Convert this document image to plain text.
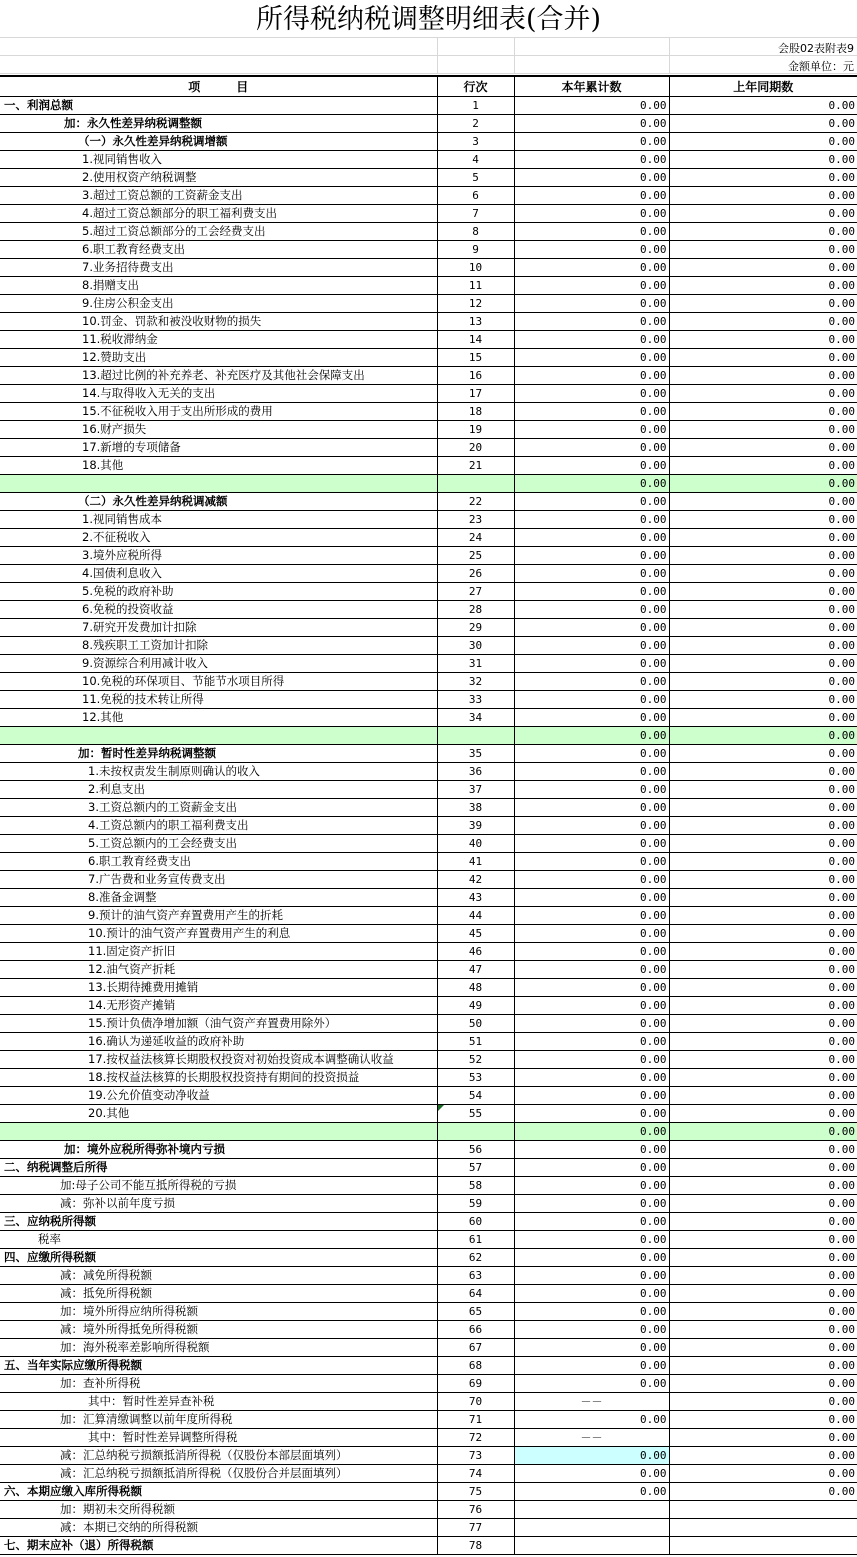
所得税纳税调整明细表(合并)
会股02表附表9
金额单位：元
项　　　目	行次	本年累计数	上年同期数
一、利润总额	1	0.00	0.00
加：永久性差异纳税调整额	2	0.00	0.00
（一）永久性差异纳税调增额	3	0.00	0.00
1.视同销售收入	4	0.00	0.00
2.使用权资产纳税调整	5	0.00	0.00
3.超过工资总额的工资薪金支出	6	0.00	0.00
4.超过工资总额部分的职工福利费支出	7	0.00	0.00
5.超过工资总额部分的工会经费支出	8	0.00	0.00
6.职工教育经费支出	9	0.00	0.00
7.业务招待费支出	10	0.00	0.00
8.捐赠支出	11	0.00	0.00
9.住房公积金支出	12	0.00	0.00
10.罚金、罚款和被没收财物的损失	13	0.00	0.00
11.税收滞纳金	14	0.00	0.00
12.赞助支出	15	0.00	0.00
13.超过比例的补充养老、补充医疗及其他社会保障支出	16	0.00	0.00
14.与取得收入无关的支出	17	0.00	0.00
15.不征税收入用于支出所形成的费用	18	0.00	0.00
16.财产损失	19	0.00	0.00
17.新增的专项储备	20	0.00	0.00
18.其他	21	0.00	0.00
		0.00	0.00
（二）永久性差异纳税调减额	22	0.00	0.00
1.视同销售成本	23	0.00	0.00
2.不征税收入	24	0.00	0.00
3.境外应税所得	25	0.00	0.00
4.国债利息收入	26	0.00	0.00
5.免税的政府补助	27	0.00	0.00
6.免税的投资收益	28	0.00	0.00
7.研究开发费加计扣除	29	0.00	0.00
8.残疾职工工资加计扣除	30	0.00	0.00
9.资源综合利用减计收入	31	0.00	0.00
10.免税的环保项目、节能节水项目所得	32	0.00	0.00
11.免税的技术转让所得	33	0.00	0.00
12.其他	34	0.00	0.00
		0.00	0.00
加：暂时性差异纳税调整额	35	0.00	0.00
1.未按权责发生制原则确认的收入	36	0.00	0.00
2.利息支出	37	0.00	0.00
3.工资总额内的工资薪金支出	38	0.00	0.00
4.工资总额内的职工福利费支出	39	0.00	0.00
5.工资总额内的工会经费支出	40	0.00	0.00
6.职工教育经费支出	41	0.00	0.00
7.广告费和业务宣传费支出	42	0.00	0.00
8.准备金调整	43	0.00	0.00
9.预计的油气资产弃置费用产生的折耗	44	0.00	0.00
10.预计的油气资产弃置费用产生的利息	45	0.00	0.00
11.固定资产折旧	46	0.00	0.00
12.油气资产折耗	47	0.00	0.00
13.长期待摊费用摊销	48	0.00	0.00
14.无形资产摊销	49	0.00	0.00
15.预计负债净增加额（油气资产弃置费用除外）	50	0.00	0.00
16.确认为递延收益的政府补助	51	0.00	0.00
17.按权益法核算长期股权投资对初始投资成本调整确认收益	52	0.00	0.00
18.按权益法核算的长期股权投资持有期间的投资损益	53	0.00	0.00
19.公允价值变动净收益	54	0.00	0.00
20.其他	55	0.00	0.00
		0.00	0.00
加：境外应税所得弥补境内亏损	56	0.00	0.00
二、纳税调整后所得	57	0.00	0.00
加:母子公司不能互抵所得税的亏损	58	0.00	0.00
减：弥补以前年度亏损	59	0.00	0.00
三、应纳税所得额	60	0.00	0.00
税率	61	0.00	0.00
四、应缴所得税额	62	0.00	0.00
减：减免所得税额	63	0.00	0.00
减：抵免所得税额	64	0.00	0.00
加：境外所得应纳所得税额	65	0.00	0.00
减：境外所得抵免所得税额	66	0.00	0.00
加：海外税率差影响所得税额	67	0.00	0.00
五、当年实际应缴所得税额	68	0.00	0.00
加：查补所得税	69	0.00	0.00
其中：暂时性差异查补税	70	－－	0.00
加：汇算清缴调整以前年度所得税	71	0.00	0.00
其中：暂时性差异调整所得税	72	－－	0.00
减：汇总纳税亏损额抵消所得税（仅股份本部层面填列）	73	0.00	0.00
减：汇总纳税亏损额抵消所得税（仅股份合并层面填列）	74	0.00	0.00
六、本期应缴入库所得税额	75	0.00	0.00
加：期初未交所得税额	76		
减：本期已交纳的所得税额	77		
七、期末应补（退）所得税额	78		
